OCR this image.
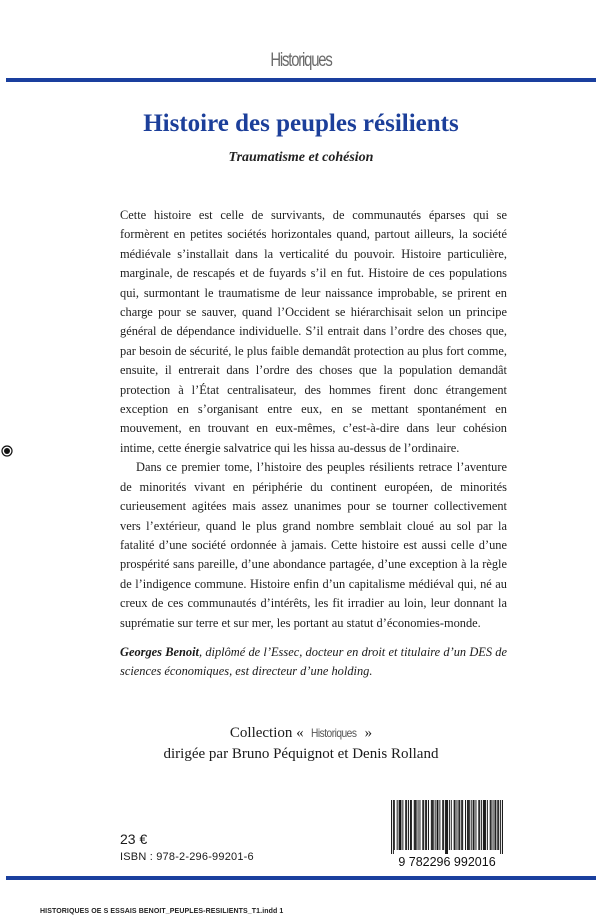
Historiques
Histoire des peuples résilients
Traumatisme et cohésion

Cette histoire est celle de survivants, de communautés éparses qui se formèrent en petites sociétés horizontales quand, partout ailleurs, la société médiévale s’installait dans la verticalité du pouvoir. Histoire particulière, marginale, de rescapés et de fuyards s’il en fut. Histoire de ces populations qui, surmontant le traumatisme de leur naissance improbable, se prirent en charge pour se sauver, quand l’Occident se hiérarchisait selon un principe général de dépendance individuelle. S’il entrait dans l’ordre des choses que, par besoin de sécurité, le plus faible demandât protection au plus fort comme, ensuite, il entrerait dans l’ordre des choses que la population demandât protection à l’État centralisateur, des hommes firent donc étrangement exception en s’organisant entre eux, en se mettant spontanément en mouvement, en trouvant en eux-mêmes, c’est-à-dire dans leur cohésion intime, cette énergie salvatrice qui les hissa au-dessus de l’ordinaire.

Dans ce premier tome, l’histoire des peuples résilients retrace l’aventure de minorités vivant en périphérie du continent européen, de minorités curieusement agitées mais assez unanimes pour se tourner collectivement vers l’extérieur, quand le plus grand nombre semblait cloué au sol par la fatalité d’une société ordonnée à jamais. Cette histoire est aussi celle d’une prospérité sans pareille, d’une abondance partagée, d’une exception à la règle de l’indigence commune. Histoire enfin d’un capitalisme médiéval qui, né au creux de ces communautés d’intérêts, les fit irradier au loin, leur donnant la suprématie sur terre et sur mer, les portant au statut d’économies-monde.

Georges Benoit, diplômé de l’Essec, docteur en droit et titulaire d’un DES de sciences économiques, est directeur d’une holding.
Collection « Historiques »
dirigée par Bruno Péquignot et Denis Rolland
23 €
ISBN : 978-2-296-99201-6	9 782296 992016
HISTORIQUES OE S ESSAIS BENOIT_PEUPLES-RESILIENTS_T1.indd 1
